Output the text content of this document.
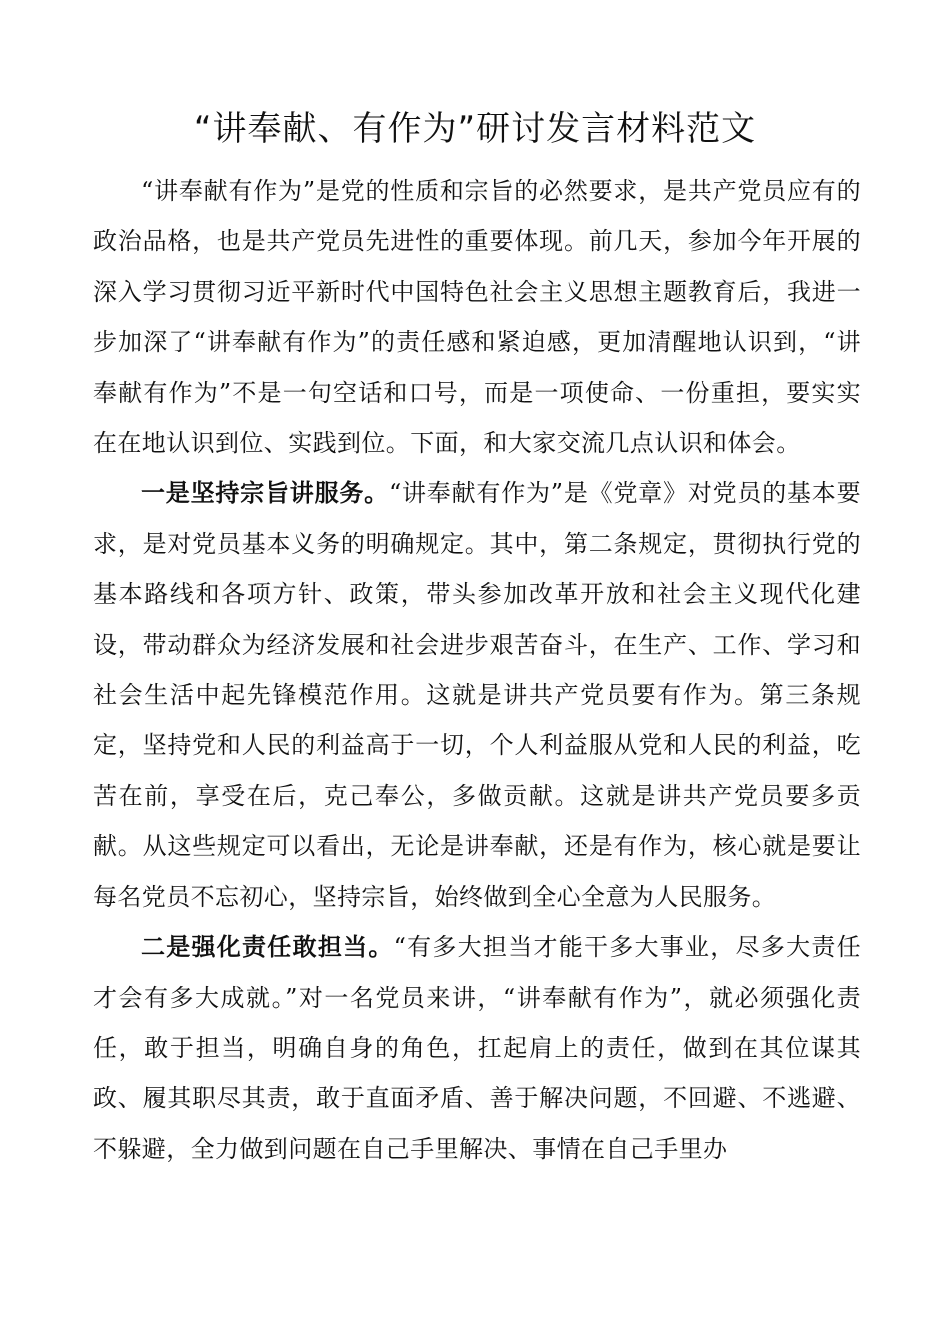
“讲奉献、有作为”研讨发言材料范文

“讲奉献有作为”是党的性质和宗旨的必然要求，是共产党员应有的政治品格，也是共产党员先进性的重要体现。前几天，参加今年开展的深入学习贯彻习近平新时代中国特色社会主义思想主题教育后，我进一步加深了“讲奉献有作为”的责任感和紧迫感，更加清醒地认识到，“讲奉献有作为”不是一句空话和口号，而是一项使命、一份重担，要实实在在地认识到位、实践到位。下面，和大家交流几点认识和体会。

一是坚持宗旨讲服务。“讲奉献有作为”是《党章》对党员的基本要求，是对党员基本义务的明确规定。其中，第二条规定，贯彻执行党的基本路线和各项方针、政策，带头参加改革开放和社会主义现代化建设，带动群众为经济发展和社会进步艰苦奋斗，在生产、工作、学习和社会生活中起先锋模范作用。这就是讲共产党员要有作为。第三条规定，坚持党和人民的利益高于一切，个人利益服从党和人民的利益，吃苦在前，享受在后，克己奉公，多做贡献。这就是讲共产党员要多贡献。从这些规定可以看出，无论是讲奉献，还是有作为，核心就是要让每名党员不忘初心，坚持宗旨，始终做到全心全意为人民服务。

二是强化责任敢担当。“有多大担当才能干多大事业，尽多大责任才会有多大成就。”对一名党员来讲，“讲奉献有作为”，就必须强化责任，敢于担当，明确自身的角色，扛起肩上的责任，做到在其位谋其政、履其职尽其责，敢于直面矛盾、善于解决问题，不回避、不逃避、不躲避，全力做到问题在自己手里解决、事情在自己手里办
